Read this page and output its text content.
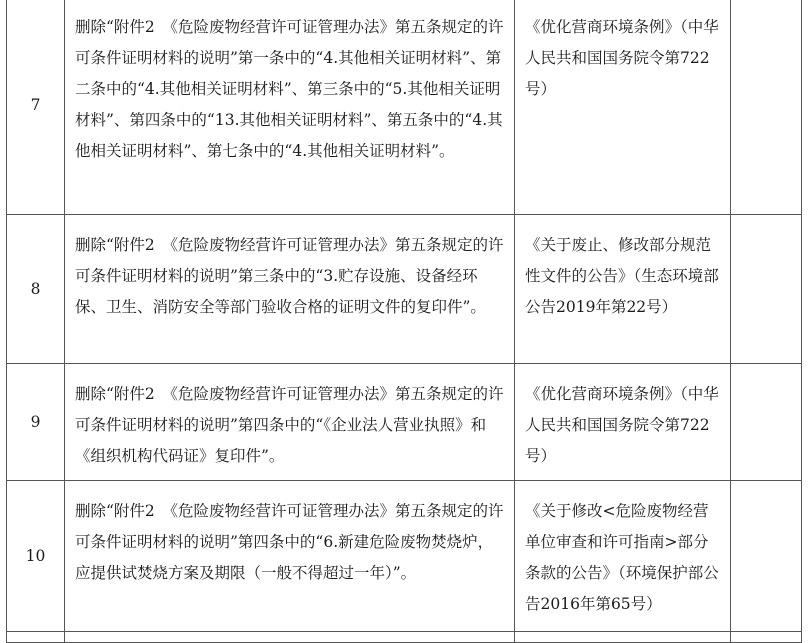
7	删除“附件2　《危险废物经营许可证管理办法》第五条规定的许可条件证明材料的说明”第一条中的“4.其他相关证明材料”、第二条中的“4.其他相关证明材料”、第三条中的“5.其他相关证明材料”、第四条中的“13.其他相关证明材料”、第五条中的“4.其他相关证明材料”、第七条中的“4.其他相关证明材料”。	《优化营商环境条例》（中华人民共和国国务院令第722号）	

8	删除“附件2　《危险废物经营许可证管理办法》第五条规定的许可条件证明材料的说明”第三条中的“3.贮存设施、设备经环保、卫生、消防安全等部门验收合格的证明文件的复印件”。	《关于废止、修改部分规范性文件的公告》（生态环境部公告2019年第22号）	

9	删除“附件2　《危险废物经营许可证管理办法》第五条规定的许可条件证明材料的说明”第四条中的“《企业法人营业执照》和《组织机构代码证》复印件”。	《优化营商环境条例》（中华人民共和国国务院令第722号）	

10	删除“附件2　《危险废物经营许可证管理办法》第五条规定的许可条件证明材料的说明”第四条中的“6.新建危险废物焚烧炉，应提供试焚烧方案及期限（一般不得超过一年）”。	《关于修改<危险废物经营单位审查和许可指南>部分条款的公告》（环境保护部公告2016年第65号）	
